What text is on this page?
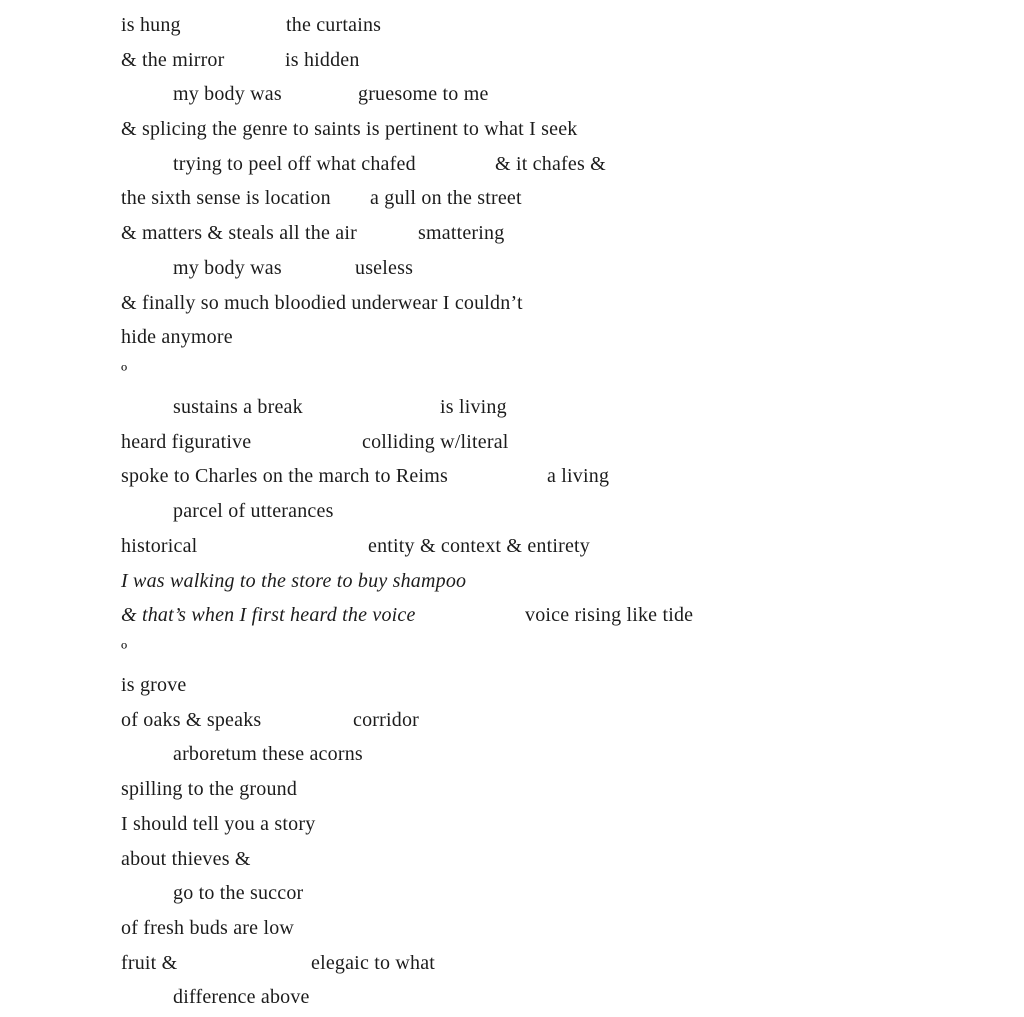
is hung	the curtains
& the mirror	is hidden
my body was	gruesome to me
& splicing the genre to saints is pertinent to what I seek
trying to peel off what chafed	& it chafes &
the sixth sense is location a gull on the street
& matters & steals all the air	smattering
my body was	useless
& finally so much bloodied underwear I couldn’t
hide anymore
º
sustains a break	is living
heard figurative	colliding w/literal
spoke to Charles on the march to Reims	a living
parcel of utterances
historical	entity & context & entirety
I was walking to the store to buy shampoo
& that’s when I first heard the voice	voice rising like tide
º
is grove
of oaks & speaks	corridor
arboretum these acorns
spilling to the ground
I should tell you a story
about thieves &
go to the succor
of fresh buds are low
fruit &	elegaic to what
difference above
